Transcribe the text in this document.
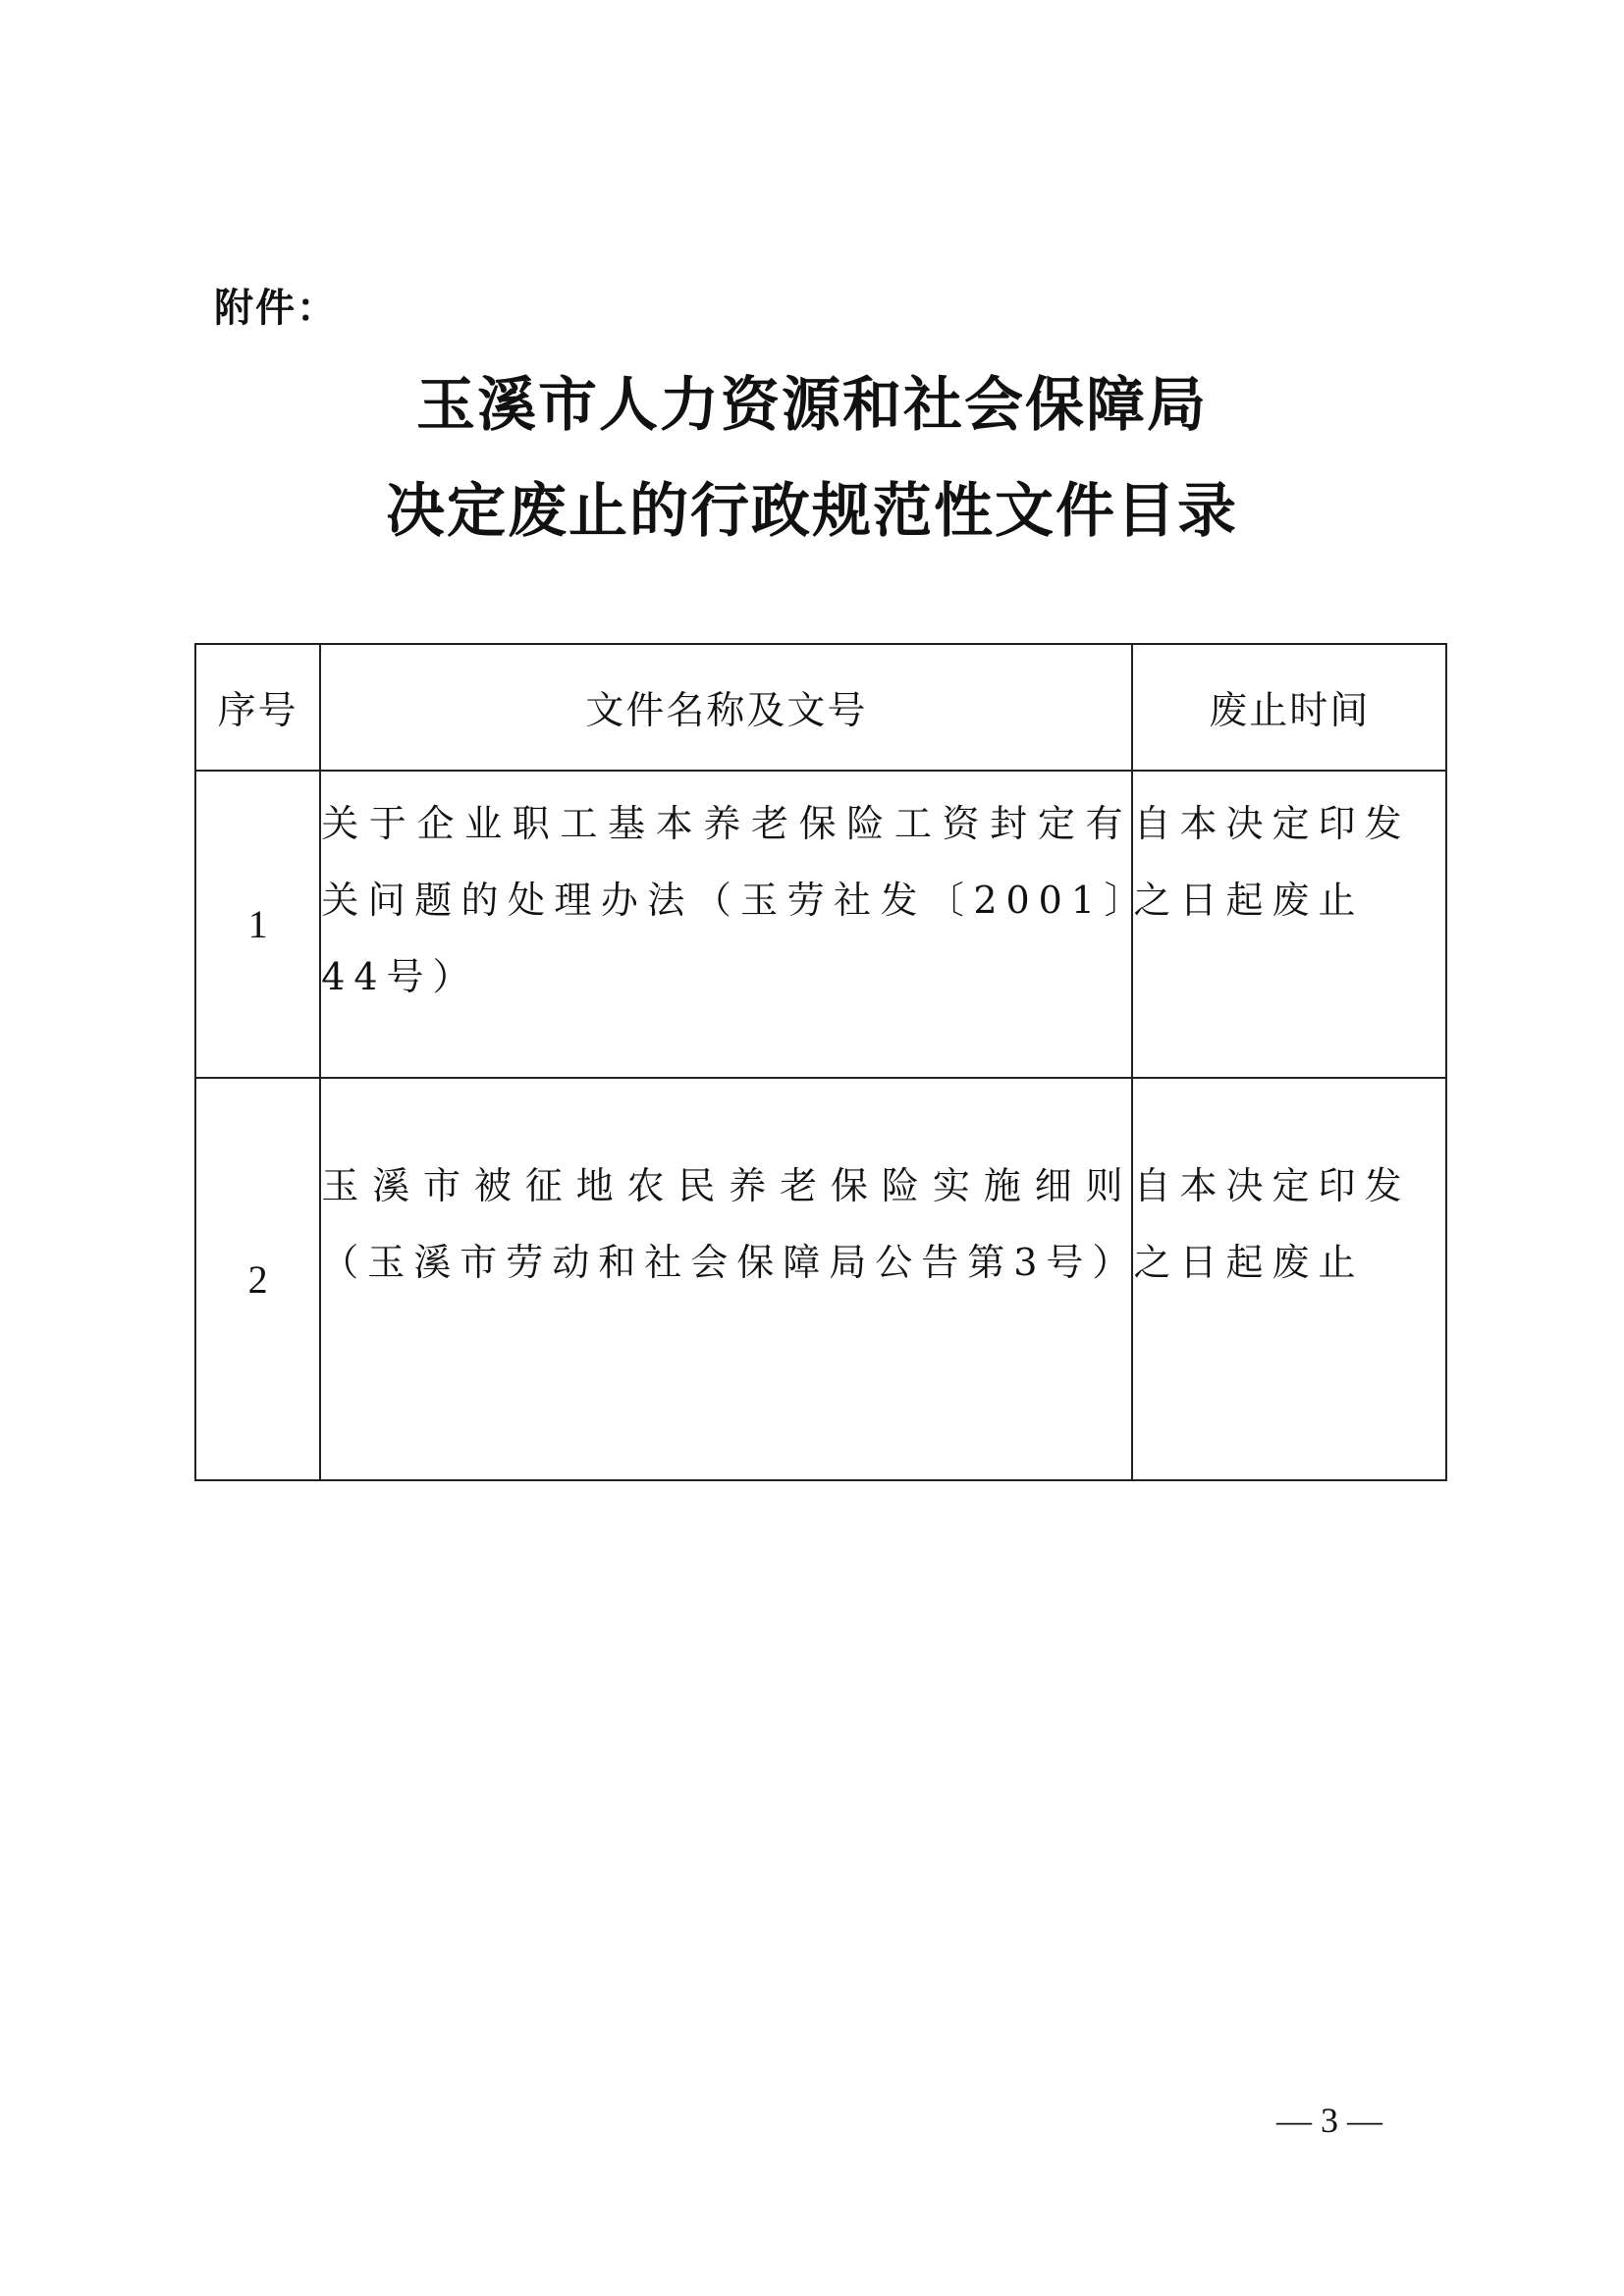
附件：
玉溪市人力资源和社会保障局
决定废止的行政规范性文件目录
序号	文件名称及文号	废止时间
1	关于企业职工基本养老保险工资封定有关问题的处理办法（玉劳社发〔2001〕44号）	自本决定印发之日起废止
2	玉溪市被征地农民养老保险实施细则（玉溪市劳动和社会保障局公告第3号）	自本决定印发之日起废止
— 3 —
